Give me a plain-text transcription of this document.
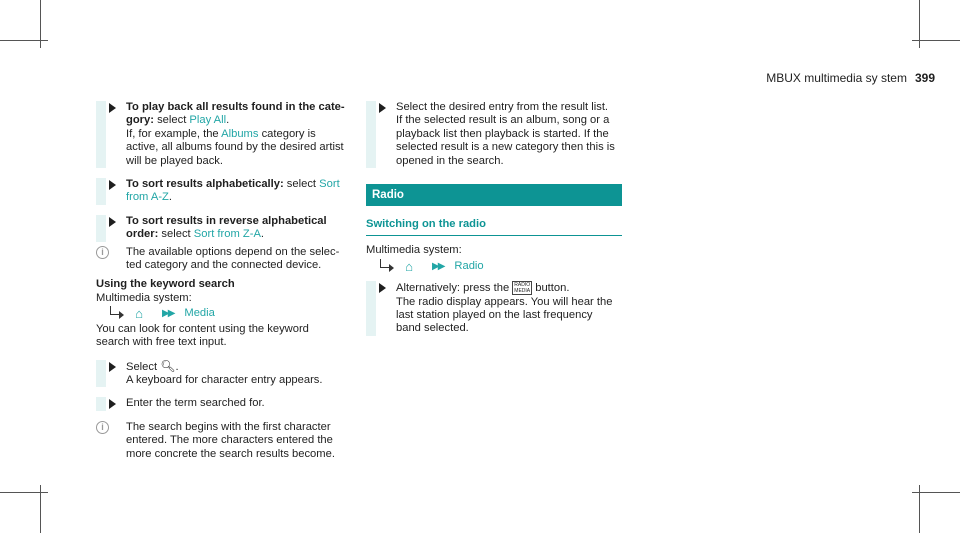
MBUX multimedia sy stem 399
To play back all results found in the cate‐
gory: select Play All.
If, for example, the Albums category is
active, all albums found by the desired artist
will be played back.
To sort results alphabetically: select Sort
from A-Z.
To sort results in reverse alphabetical
order: select Sort from Z-A.
i	The available options depend on the selec‐
ted category and the connected device.
Using the keyword search
Multimedia system:
⌂	▶▶ Media
You can look for content using the keyword
search with free text input.
Select 🔍︎.
A keyboard for character entry appears.
Enter the term searched for.
i	The search begins with the first character
entered. The more characters entered the
more concrete the search results become.
Select the desired entry from the result list.
If the selected result is an album, song or a
playback list then playback is started. If the
selected result is a new category then this is
opened in the search.
Radio
Switching on the radio
Multimedia system:
⌂	▶▶ Radio
Alternatively: press the RADIO
MEDIA button.
The radio display appears. You will hear the
last station played on the last frequency
band selected.
